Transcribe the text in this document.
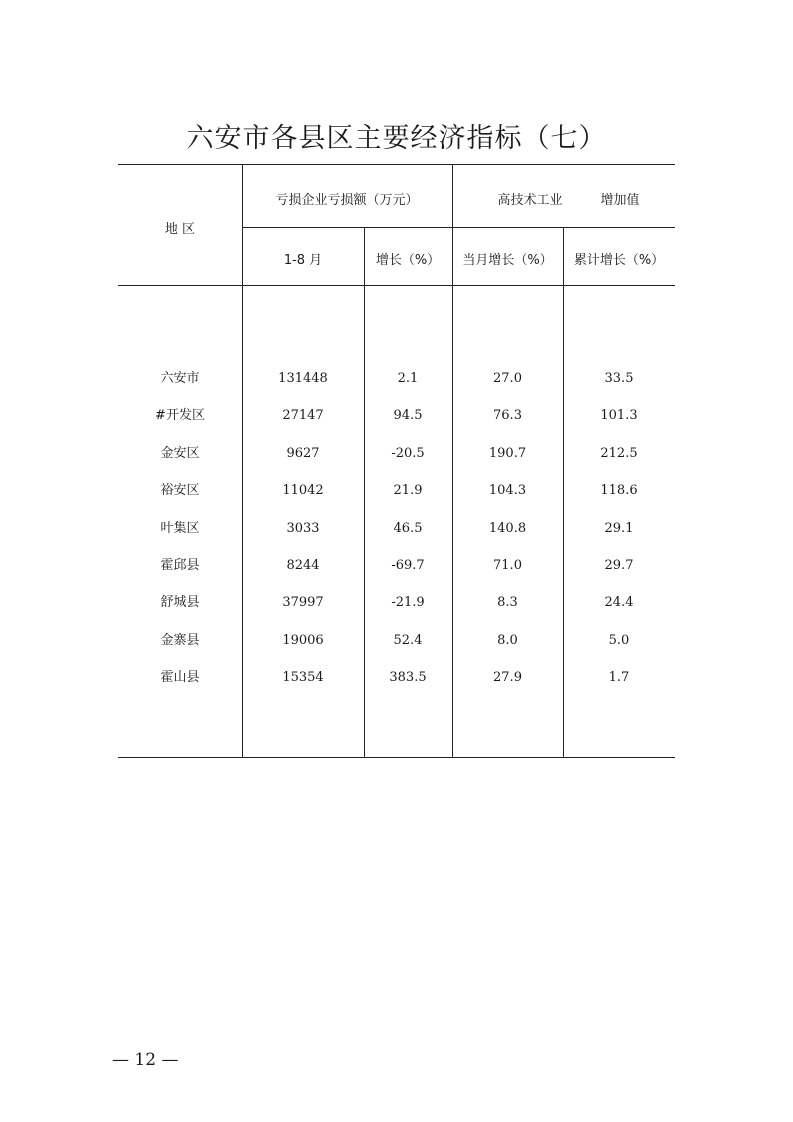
六安市各县区主要经济指标（七）
地 区
亏损企业亏损额（万元）	高技术工业	增加值
1-8 月	增长（%）	当月增长（%）	累计增长（%）
六安市	131448	2.1	27.0	33.5
#开发区	27147	94.5	76.3	101.3
金安区	9627	-20.5	190.7	212.5
裕安区	11042	21.9	104.3	118.6
叶集区	3033	46.5	140.8	29.1
霍邱县	8244	-69.7	71.0	29.7
舒城县	37997	-21.9	8.3	24.4
金寨县	19006	52.4	8.0	5.0
霍山县	15354	383.5	27.9	1.7
— 12 —
